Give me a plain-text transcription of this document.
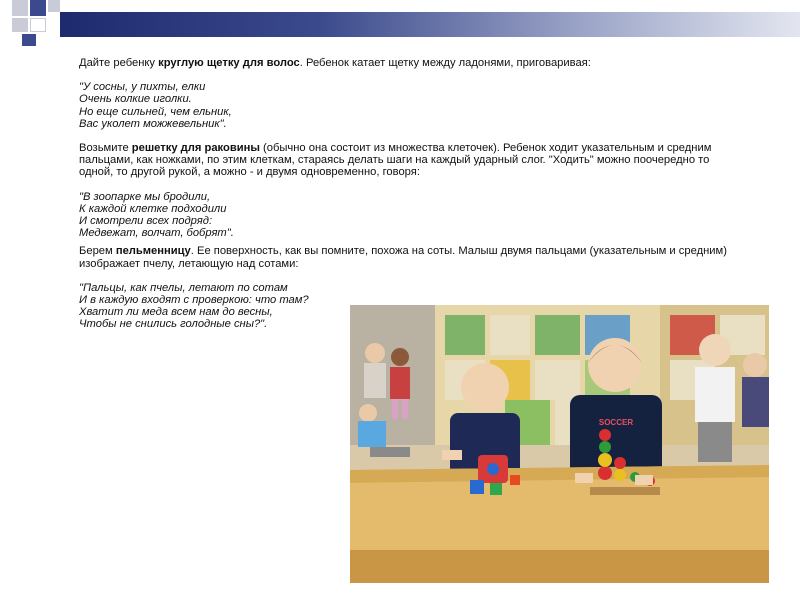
Дайте ребенку круглую щетку для волос. Ребенок катает щетку между ладонями, приговаривая:

"У сосны, у пихты, елки

Очень колкие иголки.

Но еще сильней, чем ельник,

Вас уколет можжевельник".

Возьмите решетку для раковины (обычно она состоит из множества клеточек). Ребенок ходит указательным и средним пальцами, как ножками, по этим клеткам, стараясь делать шаги на каждый ударный слог. "Ходить" можно поочередно то одной, то другой рукой, а можно - и двумя одновременно, говоря:

"В зоопарке мы бродили,

К каждой клетке подходили

И смотрели всех подряд:

Медвежат, волчат, бобрят".

Берем пельменницу. Ее поверхность, как вы помните, похожа на соты. Малыш двумя пальцами (указательным и средним) изображает пчелу, летающую над сотами:

"Пальцы, как пчелы, летают по сотам

И в каждую входят с проверкою: что там?

Хватит ли меда всем нам до весны,

Чтобы не снились голодные сны?".

SOCCER
